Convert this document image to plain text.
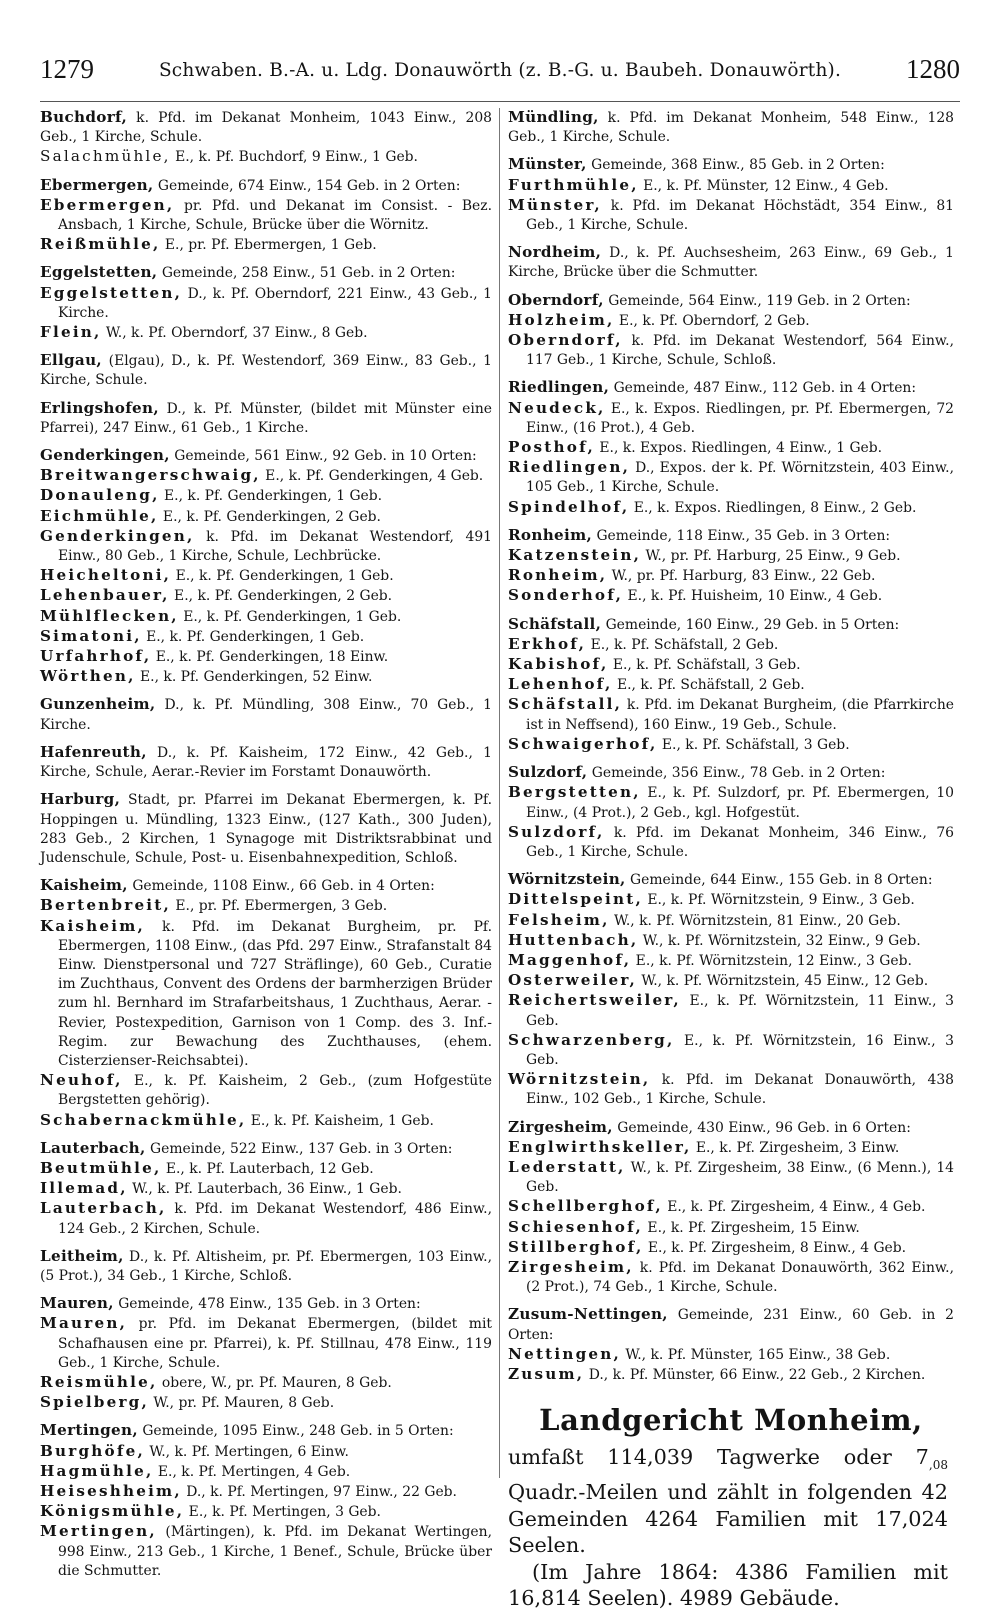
1279	Schwaben. B.-A. u. Ldg. Donauwörth (z. B.-G. u. Baubeh. Donauwörth).	1280
Buchdorf, k. Pfd. im Dekanat Monheim, 1043 Einw., 208 Geb., 1 Kirche, Schule.
Salachmühle, E., k. Pf. Buchdorf, 9 Einw., 1 Geb.
Ebermergen, Gemeinde, 674 Einw., 154 Geb. in 2 Orten:
Ebermergen, pr. Pfd. und Dekanat im Consist. - Bez. Ansbach, 1 Kirche, Schule, Brücke über die Wörnitz.
Reißmühle, E., pr. Pf. Ebermergen, 1 Geb.
Eggelstetten, Gemeinde, 258 Einw., 51 Geb. in 2 Orten:
Eggelstetten, D., k. Pf. Oberndorf, 221 Einw., 43 Geb., 1 Kirche.
Flein, W., k. Pf. Oberndorf, 37 Einw., 8 Geb.
Ellgau, (Elgau), D., k. Pf. Westendorf, 369 Einw., 83 Geb., 1 Kirche, Schule.
Erlingshofen, D., k. Pf. Münster, (bildet mit Münster eine Pfarrei), 247 Einw., 61 Geb., 1 Kirche.
Genderkingen, Gemeinde, 561 Einw., 92 Geb. in 10 Orten:
Breitwangerschwaig, E., k. Pf. Genderkingen, 4 Geb.
Donauleng, E., k. Pf. Genderkingen, 1 Geb.
Eichmühle, E., k. Pf. Genderkingen, 2 Geb.
Genderkingen, k. Pfd. im Dekanat Westendorf, 491 Einw., 80 Geb., 1 Kirche, Schule, Lechbrücke.
Heicheltoni, E., k. Pf. Genderkingen, 1 Geb.
Lehenbauer, E., k. Pf. Genderkingen, 2 Geb.
Mühlflecken, E., k. Pf. Genderkingen, 1 Geb.
Simatoni, E., k. Pf. Genderkingen, 1 Geb.
Urfahrhof, E., k. Pf. Genderkingen, 18 Einw.
Wörthen, E., k. Pf. Genderkingen, 52 Einw.
Gunzenheim, D., k. Pf. Mündling, 308 Einw., 70 Geb., 1 Kirche.
Hafenreuth, D., k. Pf. Kaisheim, 172 Einw., 42 Geb., 1 Kirche, Schule, Aerar.-Revier im Forstamt Donauwörth.
Harburg, Stadt, pr. Pfarrei im Dekanat Ebermergen, k. Pf. Hoppingen u. Mündling, 1323 Einw., (127 Kath., 300 Juden), 283 Geb., 2 Kirchen, 1 Synagoge mit Distriktsrabbinat und Judenschule, Schule, Post- u. Eisenbahnexpedition, Schloß.
Kaisheim, Gemeinde, 1108 Einw., 66 Geb. in 4 Orten:
Bertenbreit, E., pr. Pf. Ebermergen, 3 Geb.
Kaisheim, k. Pfd. im Dekanat Burgheim, pr. Pf. Ebermergen, 1108 Einw., (das Pfd. 297 Einw., Strafanstalt 84 Einw. Dienstpersonal und 727 Sträflinge), 60 Geb., Curatie im Zuchthaus, Convent des Ordens der barmherzigen Brüder zum hl. Bernhard im Strafarbeitshaus, 1 Zuchthaus, Aerar. - Revier, Postexpedition, Garnison von 1 Comp. des 3. Inf.-Regim. zur Bewachung des Zuchthauses, (ehem. Cisterzienser-Reichsabtei).
Neuhof, E., k. Pf. Kaisheim, 2 Geb., (zum Hofgestüte Bergstetten gehörig).
Schabernackmühle, E., k. Pf. Kaisheim, 1 Geb.
Lauterbach, Gemeinde, 522 Einw., 137 Geb. in 3 Orten:
Beutmühle, E., k. Pf. Lauterbach, 12 Geb.
Illemad, W., k. Pf. Lauterbach, 36 Einw., 1 Geb.
Lauterbach, k. Pfd. im Dekanat Westendorf, 486 Einw., 124 Geb., 2 Kirchen, Schule.
Leitheim, D., k. Pf. Altisheim, pr. Pf. Ebermergen, 103 Einw., (5 Prot.), 34 Geb., 1 Kirche, Schloß.
Mauren, Gemeinde, 478 Einw., 135 Geb. in 3 Orten:
Mauren, pr. Pfd. im Dekanat Ebermergen, (bildet mit Schafhausen eine pr. Pfarrei), k. Pf. Stillnau, 478 Einw., 119 Geb., 1 Kirche, Schule.
Reismühle, obere, W., pr. Pf. Mauren, 8 Geb.
Spielberg, W., pr. Pf. Mauren, 8 Geb.
Mertingen, Gemeinde, 1095 Einw., 248 Geb. in 5 Orten:
Burghöfe, W., k. Pf. Mertingen, 6 Einw.
Hagmühle, E., k. Pf. Mertingen, 4 Geb.
Heiseshheim, D., k. Pf. Mertingen, 97 Einw., 22 Geb.
Königsmühle, E., k. Pf. Mertingen, 3 Geb.
Mertingen, (Märtingen), k. Pfd. im Dekanat Wertingen, 998 Einw., 213 Geb., 1 Kirche, 1 Benef., Schule, Brücke über die Schmutter.
Mündling, k. Pfd. im Dekanat Monheim, 548 Einw., 128 Geb., 1 Kirche, Schule.
Münster, Gemeinde, 368 Einw., 85 Geb. in 2 Orten:
Furthmühle, E., k. Pf. Münster, 12 Einw., 4 Geb.
Münster, k. Pfd. im Dekanat Höchstädt, 354 Einw., 81 Geb., 1 Kirche, Schule.
Nordheim, D., k. Pf. Auchsesheim, 263 Einw., 69 Geb., 1 Kirche, Brücke über die Schmutter.
Oberndorf, Gemeinde, 564 Einw., 119 Geb. in 2 Orten:
Holzheim, E., k. Pf. Oberndorf, 2 Geb.
Oberndorf, k. Pfd. im Dekanat Westendorf, 564 Einw., 117 Geb., 1 Kirche, Schule, Schloß.
Riedlingen, Gemeinde, 487 Einw., 112 Geb. in 4 Orten:
Neudeck, E., k. Expos. Riedlingen, pr. Pf. Ebermergen, 72 Einw., (16 Prot.), 4 Geb.
Posthof, E., k. Expos. Riedlingen, 4 Einw., 1 Geb.
Riedlingen, D., Expos. der k. Pf. Wörnitzstein, 403 Einw., 105 Geb., 1 Kirche, Schule.
Spindelhof, E., k. Expos. Riedlingen, 8 Einw., 2 Geb.
Ronheim, Gemeinde, 118 Einw., 35 Geb. in 3 Orten:
Katzenstein, W., pr. Pf. Harburg, 25 Einw., 9 Geb.
Ronheim, W., pr. Pf. Harburg, 83 Einw., 22 Geb.
Sonderhof, E., k. Pf. Huisheim, 10 Einw., 4 Geb.
Schäfstall, Gemeinde, 160 Einw., 29 Geb. in 5 Orten:
Erkhof, E., k. Pf. Schäfstall, 2 Geb.
Kabishof, E., k. Pf. Schäfstall, 3 Geb.
Lehenhof, E., k. Pf. Schäfstall, 2 Geb.
Schäfstall, k. Pfd. im Dekanat Burgheim, (die Pfarrkirche ist in Neffsend), 160 Einw., 19 Geb., Schule.
Schwaigerhof, E., k. Pf. Schäfstall, 3 Geb.
Sulzdorf, Gemeinde, 356 Einw., 78 Geb. in 2 Orten:
Bergstetten, E., k. Pf. Sulzdorf, pr. Pf. Ebermergen, 10 Einw., (4 Prot.), 2 Geb., kgl. Hofgestüt.
Sulzdorf, k. Pfd. im Dekanat Monheim, 346 Einw., 76 Geb., 1 Kirche, Schule.
Wörnitzstein, Gemeinde, 644 Einw., 155 Geb. in 8 Orten:
Dittelspeint, E., k. Pf. Wörnitzstein, 9 Einw., 3 Geb.
Felsheim, W., k. Pf. Wörnitzstein, 81 Einw., 20 Geb.
Huttenbach, W., k. Pf. Wörnitzstein, 32 Einw., 9 Geb.
Maggenhof, E., k. Pf. Wörnitzstein, 12 Einw., 3 Geb.
Osterweiler, W., k. Pf. Wörnitzstein, 45 Einw., 12 Geb.
Reichertsweiler, E., k. Pf. Wörnitzstein, 11 Einw., 3 Geb.
Schwarzenberg, E., k. Pf. Wörnitzstein, 16 Einw., 3 Geb.
Wörnitzstein, k. Pfd. im Dekanat Donauwörth, 438 Einw., 102 Geb., 1 Kirche, Schule.
Zirgesheim, Gemeinde, 430 Einw., 96 Geb. in 6 Orten:
Englwirthskeller, E., k. Pf. Zirgesheim, 3 Einw.
Lederstatt, W., k. Pf. Zirgesheim, 38 Einw., (6 Menn.), 14 Geb.
Schellberghof, E., k. Pf. Zirgesheim, 4 Einw., 4 Geb.
Schiesenhof, E., k. Pf. Zirgesheim, 15 Einw.
Stillberghof, E., k. Pf. Zirgesheim, 8 Einw., 4 Geb.
Zirgesheim, k. Pfd. im Dekanat Donauwörth, 362 Einw., (2 Prot.), 74 Geb., 1 Kirche, Schule.
Zusum-Nettingen, Gemeinde, 231 Einw., 60 Geb. in 2 Orten:
Nettingen, W., k. Pf. Münster, 165 Einw., 38 Geb.
Zusum, D., k. Pf. Münster, 66 Einw., 22 Geb., 2 Kirchen.
Landgericht Monheim,

umfaßt 114,039 Tagwerke oder $7_{,08}$ Quadr.-Meilen und zählt in folgenden 42 Gemeinden 4264 Familien mit 17,024 Seelen.

(Im Jahre 1864: 4386 Familien mit 16,814 Seelen). 4989 Gebäude.
